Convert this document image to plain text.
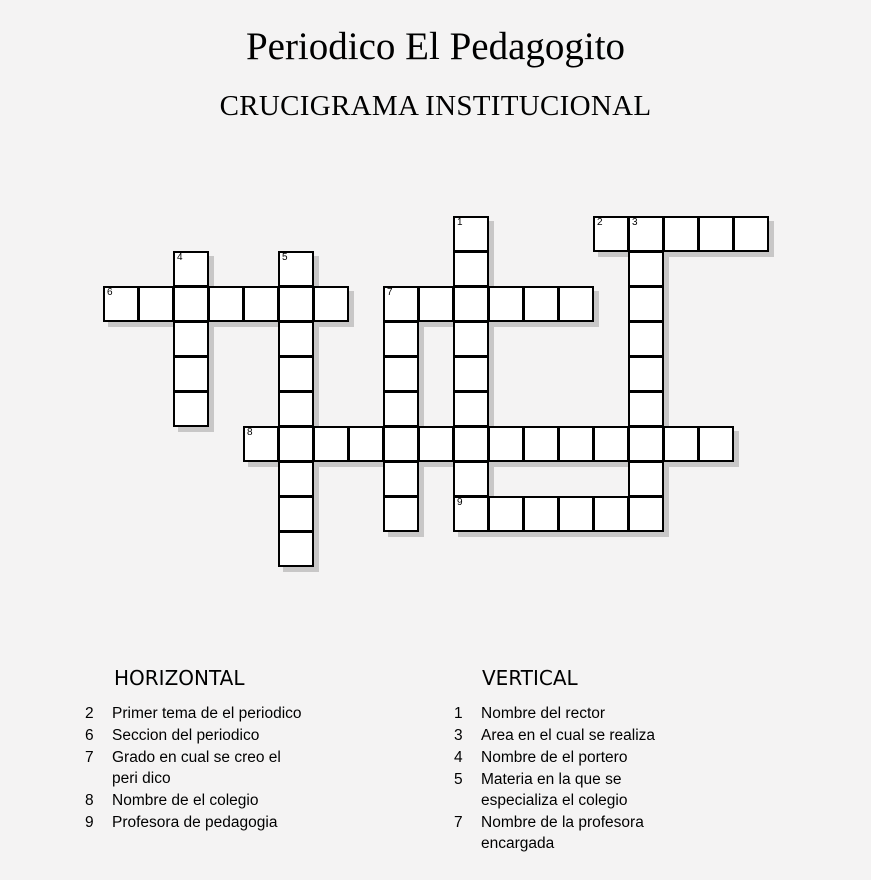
Periodico El Pedagogito
CRUCIGRAMA INSTITUCIONAL
1
9
2	3
4	5
6	7
8
HORIZONTAL	VERTICAL
2	Primer tema de el periodico
6	Seccion del periodico
7	Grado en cual se creo el
peri dico
8	Nombre de el colegio
9	Profesora de pedagogia
1	Nombre del rector
3	Area en el cual se realiza
4	Nombre de el portero
5	Materia en la que se
especializa el colegio
7	Nombre de la profesora
encargada
